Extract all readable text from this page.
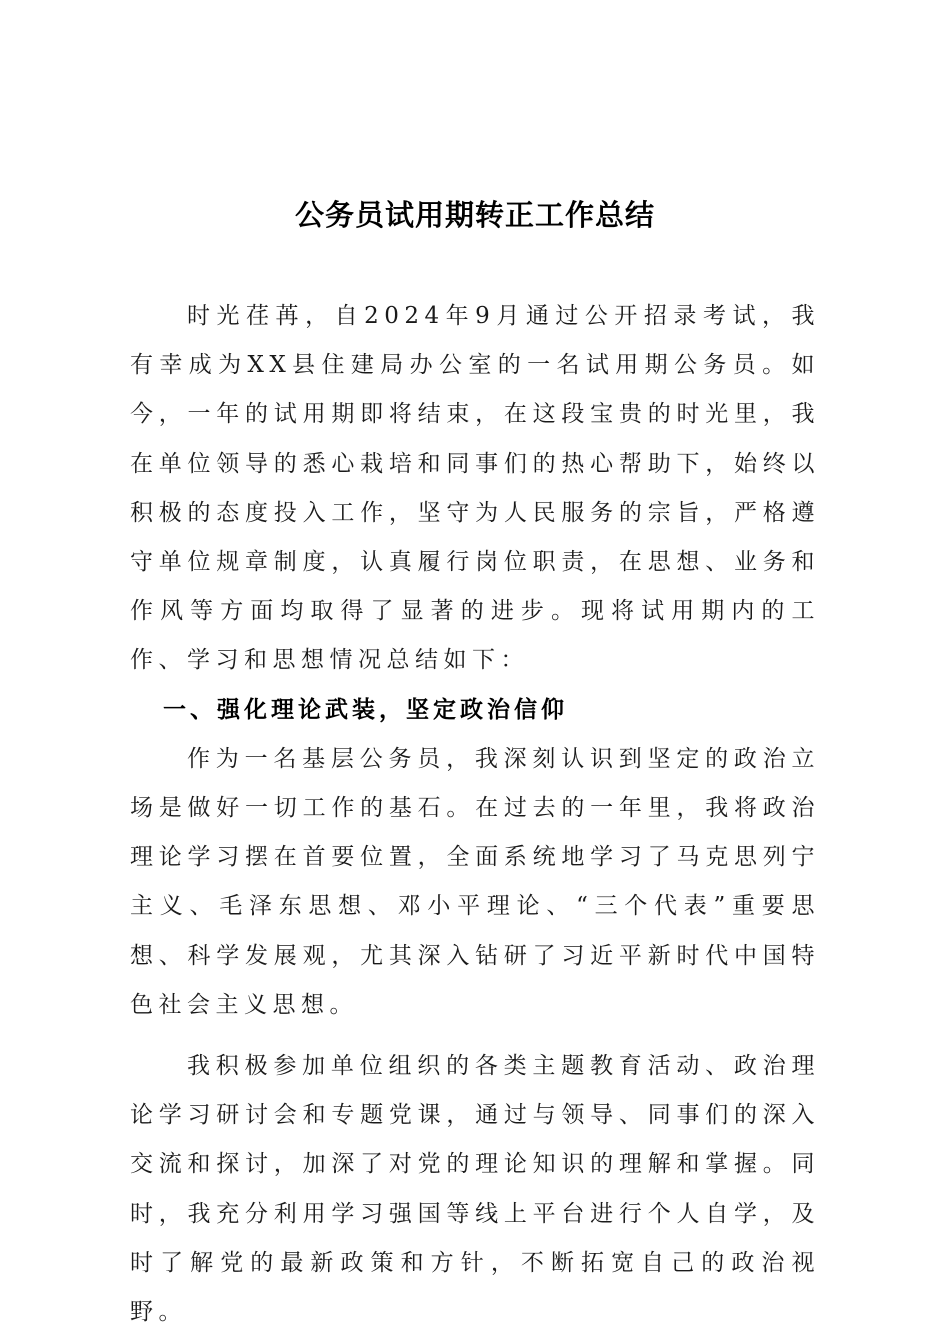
公务员试用期转正工作总结

时光荏苒，自2024年9月通过公开招录考试，我有幸成为XX县住建局办公室的一名试用期公务员。如今，一年的试用期即将结束，在这段宝贵的时光里，我在单位领导的悉心栽培和同事们的热心帮助下，始终以积极的态度投入工作，坚守为人民服务的宗旨，严格遵守单位规章制度，认真履行岗位职责，在思想、业务和作风等方面均取得了显著的进步。现将试用期内的工作、学习和思想情况总结如下：

一、强化理论武装，坚定政治信仰

作为一名基层公务员，我深刻认识到坚定的政治立场是做好一切工作的基石。在过去的一年里，我将政治理论学习摆在首要位置，全面系统地学习了马克思列宁主义、毛泽东思想、邓小平理论、“三个代表”重要思想、科学发展观，尤其深入钻研了习近平新时代中国特色社会主义思想。

我积极参加单位组织的各类主题教育活动、政治理论学习研讨会和专题党课，通过与领导、同事们的深入交流和探讨，加深了对党的理论知识的理解和掌握。同时，我充分利用学习强国等线上平台进行个人自学，及时了解党的最新政策和方针，不断拓宽自己的政治视野。
